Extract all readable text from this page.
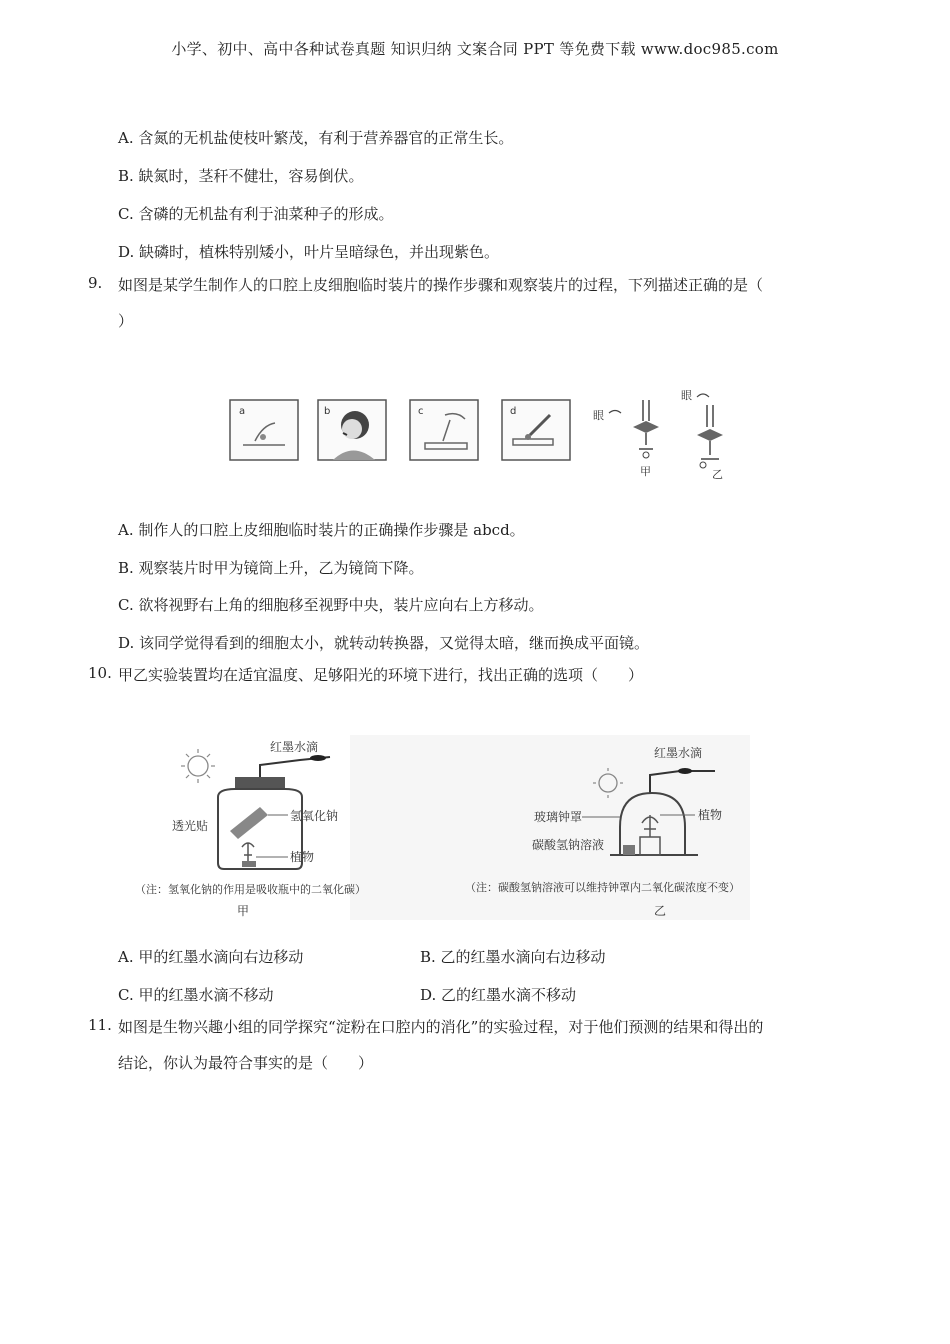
小学、初中、高中各种试卷真题 知识归纳 文案合同 PPT 等免费下载 www.doc985.com
A. 含氮的无机盐使枝叶繁茂，有利于营养器官的正常生长。
B. 缺氮时，茎秆不健壮，容易倒伏。
C. 含磷的无机盐有利于油菜种子的形成。
D. 缺磷时，植株特别矮小，叶片呈暗绿色，并出现紫色。
9. 如图是某学生制作人的口腔上皮细胞临时装片的操作步骤和观察装片的过程，下列描述正确的是（
）
a	b	c	d	眼
甲
眼
乙
A. 制作人的口腔上皮细胞临时装片的正确操作步骤是 abcd。
B. 观察装片时甲为镜筒上升，乙为镜筒下降。
C. 欲将视野右上角的细胞移至视野中央，装片应向右上方移动。
D. 该同学觉得看到的细胞太小，就转动转换器，又觉得太暗，继而换成平面镜。
10. 甲乙实验装置均在适宜温度、足够阳光的环境下进行，找出正确的选项（　　）
红墨水滴
透光贴
氢氧化钠
植物
（注：氢氧化钠的作用是吸收瓶中的二氧化碳）
甲
红墨水滴
玻璃钟罩	植物
碳酸氢钠溶液
（注：碳酸氢钠溶液可以维持钟罩内二氧化碳浓度不变）
乙
A. 甲的红墨水滴向右边移动	B. 乙的红墨水滴向右边移动
C. 甲的红墨水滴不移动	D. 乙的红墨水滴不移动
11. 如图是生物兴趣小组的同学探究“淀粉在口腔内的消化”的实验过程，对于他们预测的结果和得出的
结论，你认为最符合事实的是（　　）
